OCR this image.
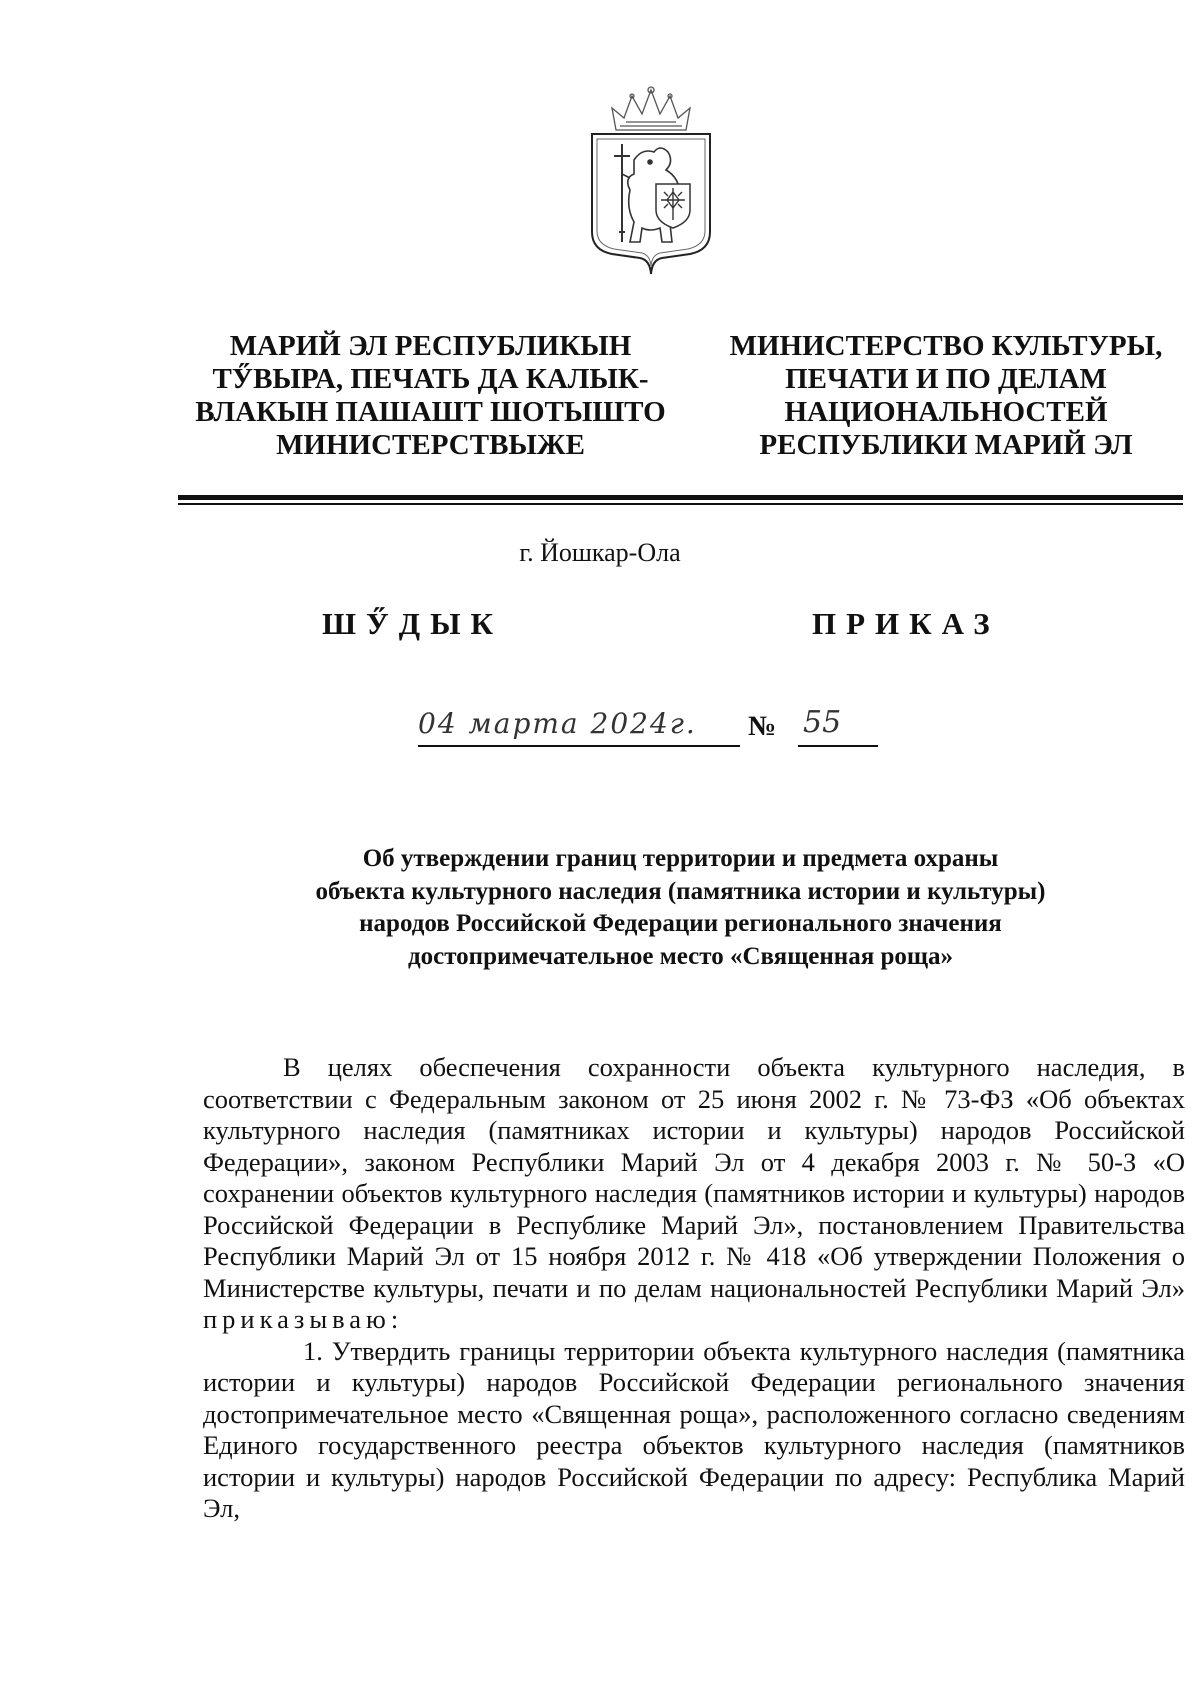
МАРИЙ ЭЛ РЕСПУБЛИКЫН
ТӲВЫРА, ПЕЧАТЬ ДА КАЛЫК-
ВЛАКЫН ПАШАШТ ШОТЫШТО
МИНИСТЕРСТВЫЖЕ
МИНИСТЕРСТВО КУЛЬТУРЫ,
ПЕЧАТИ И ПО ДЕЛАМ
НАЦИОНАЛЬНОСТЕЙ
РЕСПУБЛИКИ МАРИЙ ЭЛ
г. Йошкар-Ола
ШӲДЫК	ПРИКАЗ
04 марта 2024г.	№ 55
Об утверждении границ территории и предмета охраны
объекта культурного наследия (памятника истории и культуры)
народов Российской Федерации регионального значения
достопримечательное место «Священная роща»

В целях обеспечения сохранности объекта культурного наследия, в соответствии с Федеральным законом от 25 июня 2002 г. № 73-ФЗ «Об объектах культурного наследия (памятниках истории и культуры) народов Российской Федерации», законом Республики Марий Эл от 4 декабря 2003 г. № 50-З «О сохранении объектов культурного наследия (памятников истории и культуры) народов Российской Федерации в Республике Марий Эл», постановлением Правительства Республики Марий Эл от 15 ноября 2012 г. № 418 «Об утверждении Положения о Министерстве культуры, печати и по делам национальностей Республики Марий Эл» приказываю:

1. Утвердить границы территории объекта культурного наследия (памятника истории и культуры) народов Российской Федерации регионального значения достопримечательное место «Священная роща», расположенного согласно сведениям Единого государственного реестра объектов культурного наследия (памятников истории и культуры) народов Российской Федерации по адресу: Республика Марий Эл,
